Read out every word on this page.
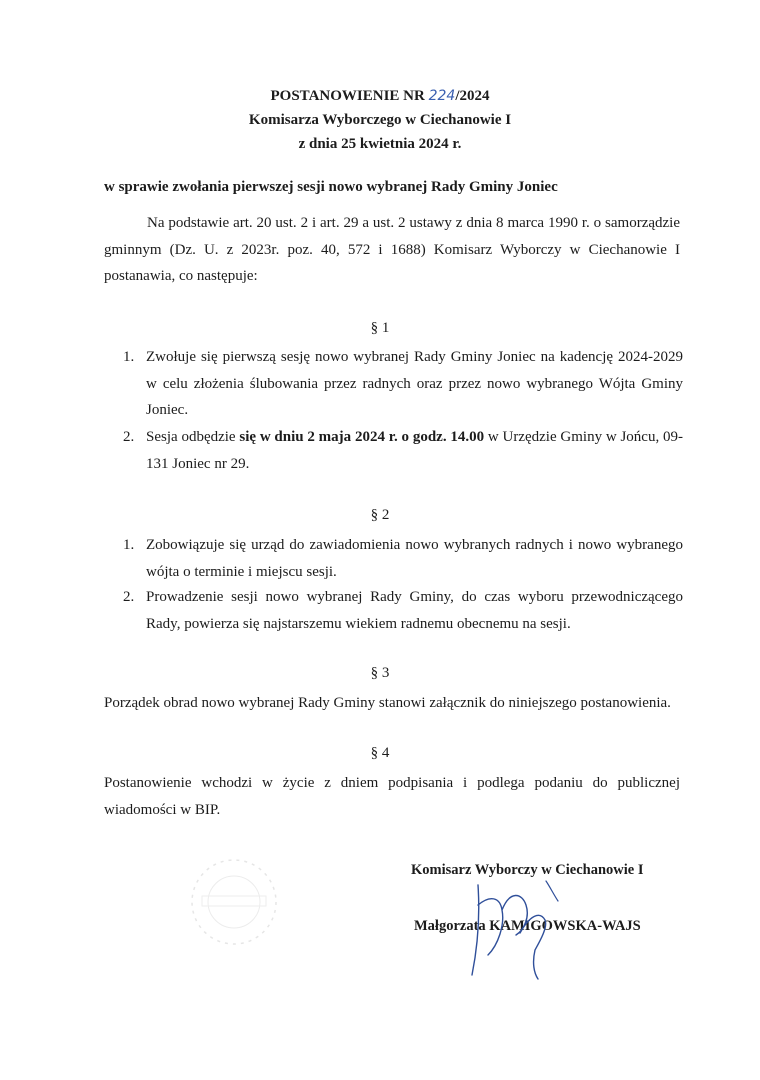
POSTANOWIENIE NR 224/2024
Komisarza Wyborczego w Ciechanowie I
z dnia 25 kwietnia 2024 r.
w sprawie zwołania pierwszej sesji nowo wybranej Rady Gminy Joniec
Na podstawie art. 20 ust. 2 i art. 29 a ust. 2 ustawy z dnia 8 marca 1990 r. o samorządzie gminnym (Dz. U. z 2023r. poz. 40, 572 i 1688) Komisarz Wyborczy w Ciechanowie I postanawia, co następuje:
§ 1
1. Zwołuje się pierwszą sesję nowo wybranej Rady Gminy Joniec na kadencję 2024-2029 w celu złożenia ślubowania przez radnych oraz przez nowo wybranego Wójta Gminy Joniec.
2. Sesja odbędzie się w dniu 2 maja 2024 r. o godz. 14.00 w Urzędzie Gminy w Jońcu, 09-131 Joniec nr 29.
§ 2
1. Zobowiązuje się urząd do zawiadomienia nowo wybranych radnych i nowo wybranego wójta o terminie i miejscu sesji.
2. Prowadzenie sesji nowo wybranej Rady Gminy, do czas wyboru przewodniczącego Rady, powierza się najstarszemu wiekiem radnemu obecnemu na sesji.
§ 3
Porządek obrad nowo wybranej Rady Gminy stanowi załącznik do niniejszego postanowienia.
§ 4
Postanowienie wchodzi w życie z dniem podpisania i podlega podaniu do publicznej wiadomości w BIP.
Komisarz Wyborczy w Ciechanowie I
Małgorzata KAMIGOWSKA-WAJS
